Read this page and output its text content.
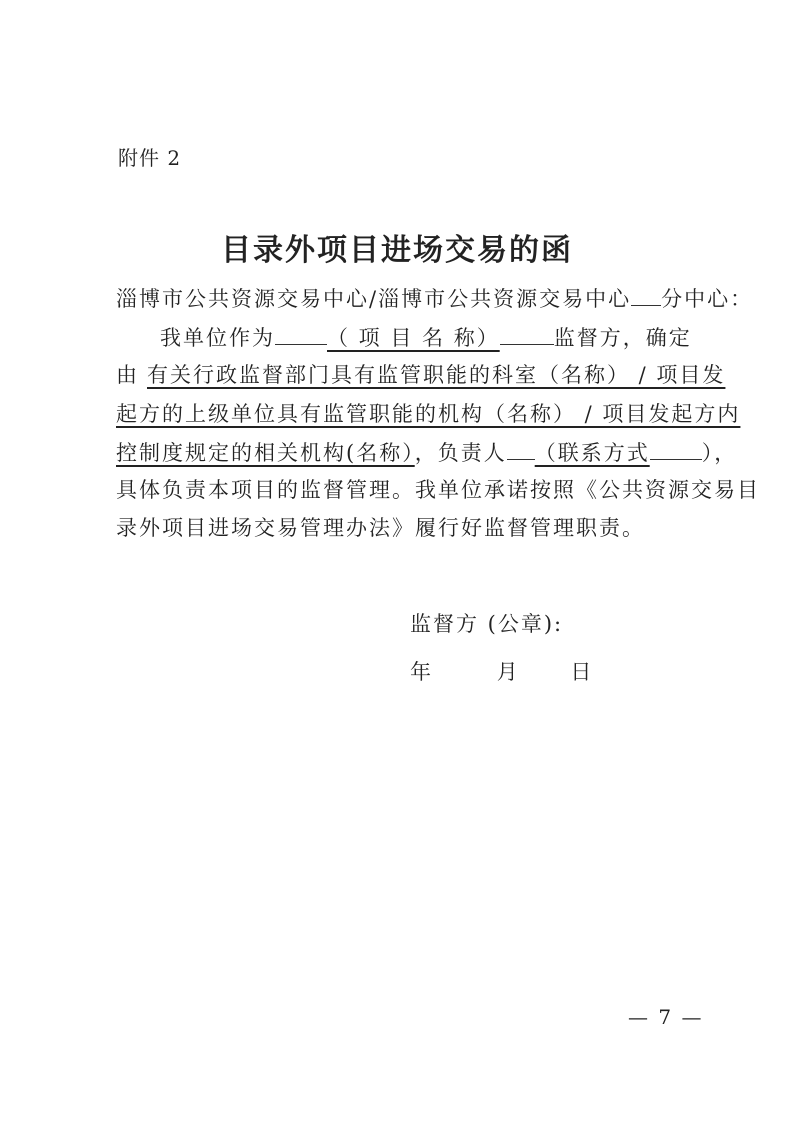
附件 2
目录外项目进场交易的函
淄博市公共资源交易中心/淄博市公共资源交易中心 分中心：
我单位作为 （ 项 目 名 称）	监督方，确定
由 有关行政监督部门具有监管职能的科室（名称） / 项目发
起方的上级单位具有监管职能的机构（名称） / 项目发起方内
控制度规定的相关机构(名称），负责人 （联系方式 ），
具体负责本项目的监督管理。我单位承诺按照《公共资源交易目
录外项目进场交易管理办法》履行好监督管理职责。
监督方 (公章):
年	月 日
— 7 —
